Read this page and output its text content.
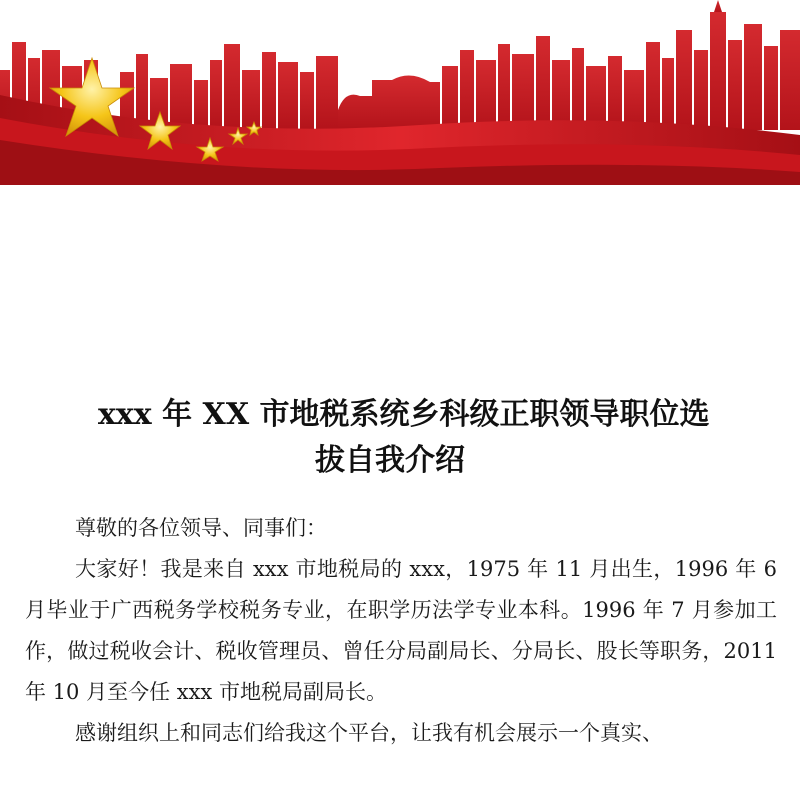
xxx 年 XX 市地税系统乡科级正职领导职位选
拔自我介绍

尊敬的各位领导、同事们：

大家好！我是来自 xxx 市地税局的 xxx，1975 年 11 月出生，1996 年 6 月毕业于广西税务学校税务专业，在职学历法学专业本科。1996 年 7 月参加工作，做过税收会计、税收管理员、曾任分局副局长、分局长、股长等职务，2011 年 10 月至今任 xxx 市地税局副局长。

感谢组织上和同志们给我这个平台，让我有机会展示一个真实、
